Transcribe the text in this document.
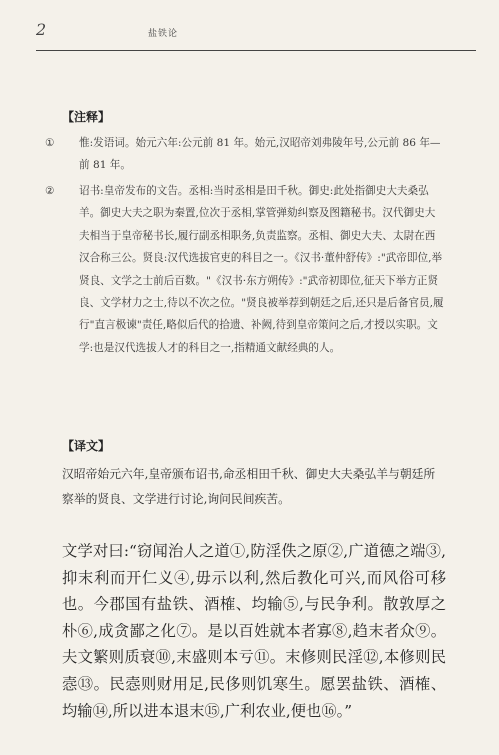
2	盐铁论
【注释】
① 惟:发语词。始元六年:公元前 81 年。始元,汉昭帝刘弗陵年号,公元前 86 年—前 81 年。
② 诏书:皇帝发布的文告。丞相:当时丞相是田千秋。御史:此处指御史大夫桑弘羊。御史大夫之职为秦置,位次于丞相,掌管弹劾纠察及图籍秘书。汉代御史大夫相当于皇帝秘书长,履行副丞相职务,负责监察。丞相、御史大夫、太尉在西汉合称三公。贤良:汉代选拔官吏的科目之一。《汉书·董仲舒传》:"武帝即位,举贤良、文学之士前后百数。"《汉书·东方朔传》:"武帝初即位,征天下举方正贤良、文学材力之士,待以不次之位。"贤良被举荐到朝廷之后,还只是后备官员,履行"直言极谏"责任,略似后代的拾遗、补阙,待到皇帝策问之后,才授以实职。文学:也是汉代选拔人才的科目之一,指精通文献经典的人。
【译文】
汉昭帝始元六年,皇帝颁布诏书,命丞相田千秋、御史大夫桑弘羊与朝廷所察举的贤良、文学进行讨论,询问民间疾苦。
文学对曰:“窃闻治人之道①,防淫佚之原②,广道德之端③,抑末利而开仁义④,毋示以利,然后教化可兴,而风俗可移也。今郡国有盐铁、酒榷、均输⑤,与民争利。散敦厚之朴⑥,成贪鄙之化⑦。是以百姓就本者寡⑧,趋末者众⑨。夫文繁则质衰⑩,末盛则本亏⑪。末修则民淫⑫,本修则民悫⑬。民悫则财用足,民侈则饥寒生。愿罢盐铁、酒榷、均输⑭,所以进本退末⑮,广利农业,便也⑯。”
